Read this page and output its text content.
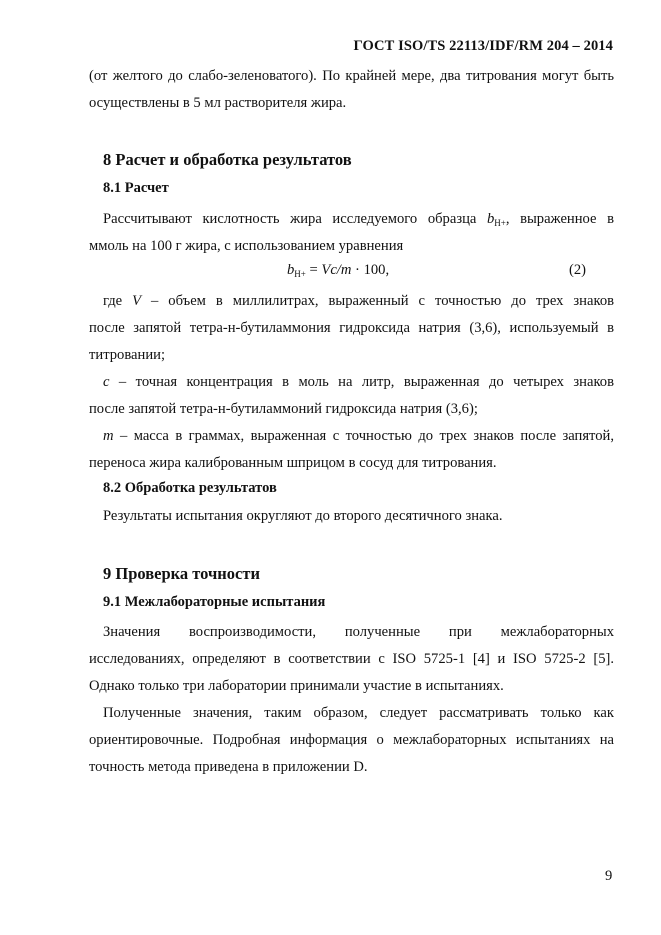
ГОСТ ISO/TS 22113/IDF/RM 204 – 2014
(от желтого до слабо-зеленоватого). По крайней мере, два титрования могут быть
осуществлены в 5 мл растворителя жира.
8 Расчет и обработка результатов
8.1 Расчет
Рассчитывают кислотность жира исследуемого образца $b_{H+}$, выраженное в
ммоль на 100 г жира, с использованием уравнения
$b_{H+} = Vc/m \cdot 100$,	(2)
где V – объем в миллилитрах, выраженный с точностью до трех знаков
после запятой тетра-н-бутиламмония гидроксида натрия (3,6), используемый в
титровании;
c – точная концентрация в моль на литр, выраженная до четырех знаков
после запятой тетра-н-бутиламмоний гидроксида натрия (3,6);
m – масса в граммах, выраженная с точностью до трех знаков после запятой,
переноса жира калиброванным шприцом в сосуд для титрования.
8.2 Обработка результатов
Результаты испытания округляют до второго десятичного знака.
9 Проверка точности
9.1 Межлабораторные испытания
Значения воспроизводимости, полученные при межлабораторных
исследованиях, определяют в соответствии с ISO 5725-1 [4] и ISO 5725-2 [5].
Однако только три лаборатории принимали участие в испытаниях.
Полученные значения, таким образом, следует рассматривать только как
ориентировочные. Подробная информация о межлабораторных испытаниях на
точность метода приведена в приложении D.
9
